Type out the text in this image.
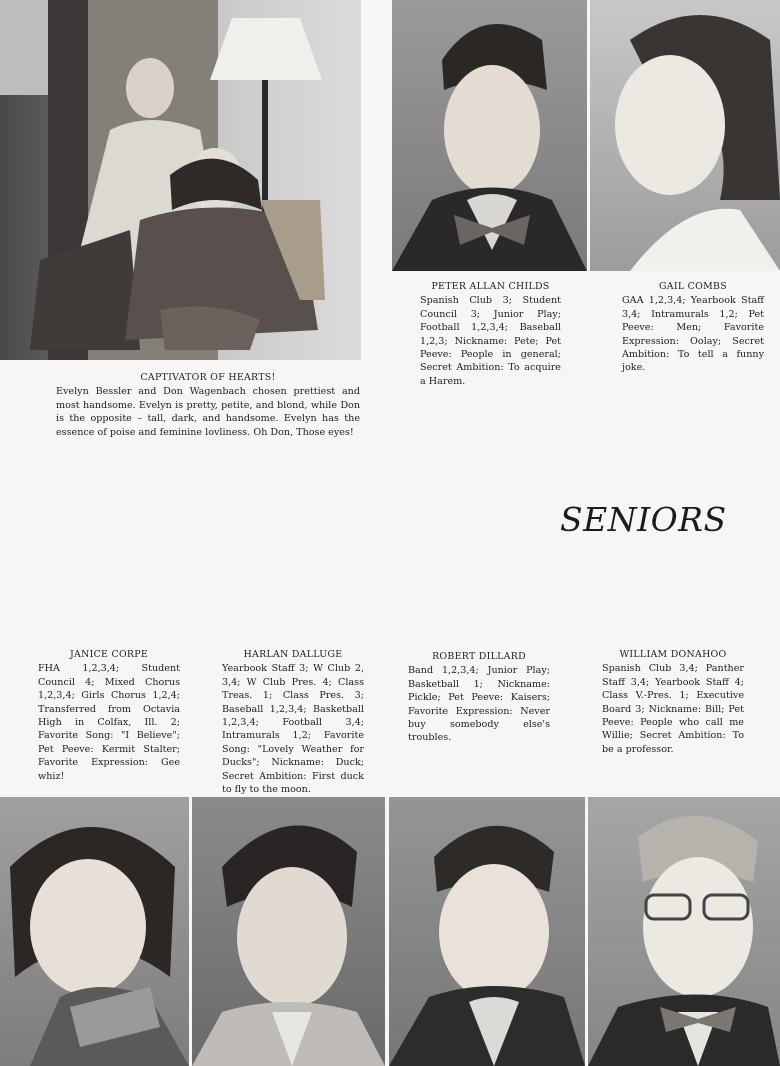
PETER ALLAN CHILDS
Spanish Club 3; Student Council 3; Junior Play; Football 1,2,3,4; Baseball 1,2,3; Nickname: Pete; Pet Peeve: People in general; Secret Ambition: To acquire a Harem.
GAIL COMBS
GAA 1,2,3,4; Yearbook Staff 3,4; Intramurals 1,2; Pet Peeve: Men; Favorite Expression: Oolay; Secret Ambition: To tell a funny joke.
CAPTIVATOR OF HEARTS!
Evelyn Bessler and Don Wagenbach chosen prettiest and most handsome. Evelyn is pretty, petite, and blond, while Don is the opposite – tall, dark, and handsome. Evelyn has the essence of poise and feminine lovliness. Oh Don, Those eyes!
SENIORS
JANICE CORPE
FHA 1,2,3,4; Student Council 4; Mixed Chorus 1,2,3,4; Girls Chorus 1,2,4; Transferred from Octavia High in Colfax, Ill. 2; Favorite Song: "I Believe"; Pet Peeve: Kermit Stalter; Favorite Expression: Gee whiz!
HARLAN DALLUGE
Yearbook Staff 3; W Club 2, 3,4; W Club Pres. 4; Class Treas. 1; Class Pres. 3; Baseball 1,2,3,4; Basketball 1,2,3,4; Football 3,4; Intramurals 1,2; Favorite Song: "Lovely Weather for Ducks"; Nickname: Duck; Secret Ambition: First duck to fly to the moon.
ROBERT DILLARD
Band 1,2,3,4; Junior Play; Basketball 1; Nickname: Pickle; Pet Peeve: Kaisers; Favorite Expression: Never buy somebody else's troubles.
WILLIAM DONAHOO
Spanish Club 3,4; Panther Staff 3,4; Yearbook Staff 4; Class V.-Pres. 1; Executive Board 3; Nickname: Bill; Pet Peeve: People who call me Willie; Secret Ambition: To be a professor.
